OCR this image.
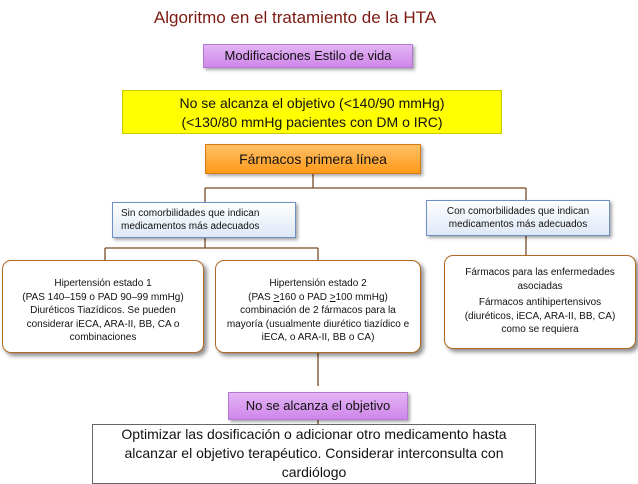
Algoritmo en el tratamiento de la HTA
Modificaciones Estilo de vida
No se alcanza el objetivo (<140/90 mmHg)
(<130/80 mmHg pacientes con DM o IRC)
Fármacos primera línea
Sin comorbilidades que indican medicamentos más adecuados
Con comorbilidades que indican medicamentos más adecuados
Hipertensión estado 1
(PAS 140–159 o PAD 90–99 mmHg)
Diuréticos Tiazídicos. Se pueden considerar iECA, ARA-II, BB, CA o combinaciones
Hipertensión estado 2
(PAS >160 o PAD >100 mmHg)
combinación de 2 fármacos para la mayoría (usualmente diurético tiazídico e iECA, o ARA-II, BB o CA)
Fármacos para las enfermedades asociadas
Fármacos antihipertensivos (diuréticos, iECA, ARA-II, BB, CA) como se requiera
No se alcanza el objetivo
Optimizar las dosificación o adicionar otro medicamento hasta alcanzar el objetivo terapéutico. Considerar interconsulta con cardiólogo
